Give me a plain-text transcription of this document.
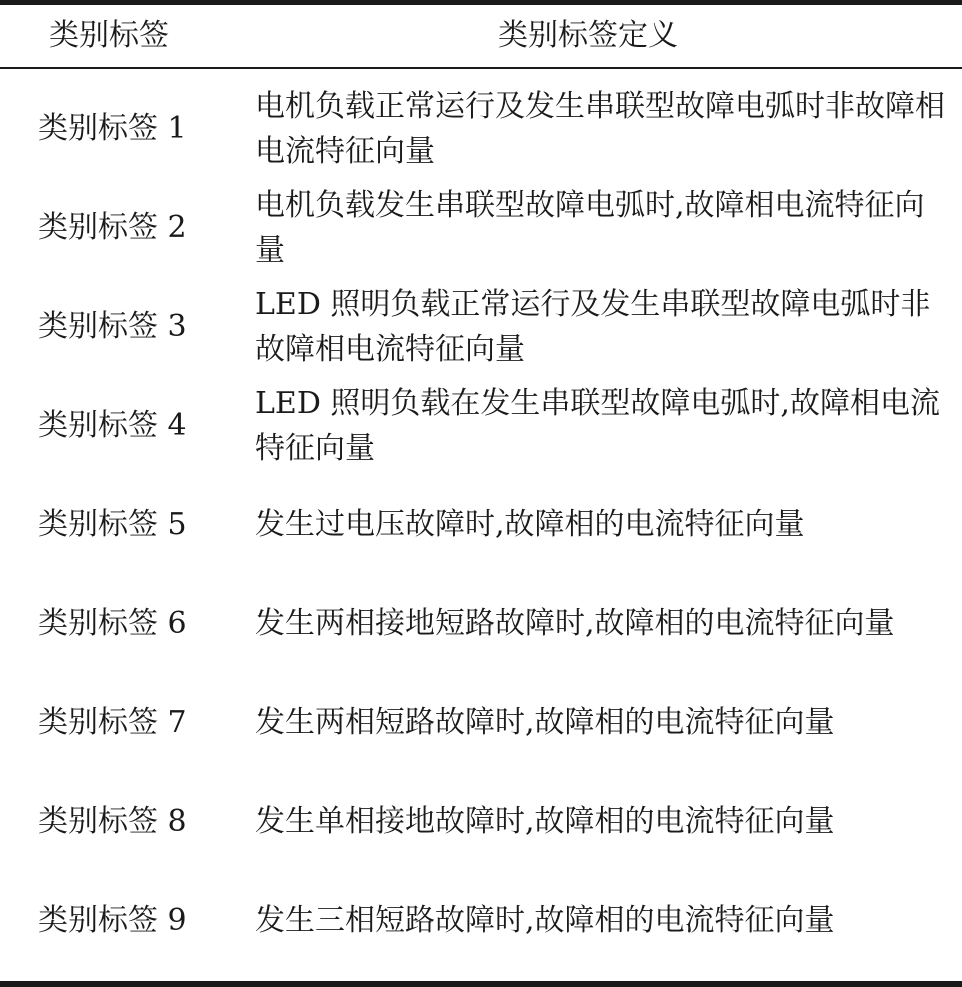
类别标签	类别标签定义
类别标签 1
电机负载正常运行及发生串联型故障电弧时非故障相电流特征向量
类别标签 2
电机负载发生串联型故障电弧时,故障相电流特征向量
类别标签 3
LED 照明负载正常运行及发生串联型故障电弧时非故障相电流特征向量
类别标签 4
LED 照明负载在发生串联型故障电弧时,故障相电流特征向量
类别标签 5 发生过电压故障时,故障相的电流特征向量
类别标签 6 发生两相接地短路故障时,故障相的电流特征向量
类别标签 7 发生两相短路故障时,故障相的电流特征向量
类别标签 8 发生单相接地故障时,故障相的电流特征向量
类别标签 9 发生三相短路故障时,故障相的电流特征向量
